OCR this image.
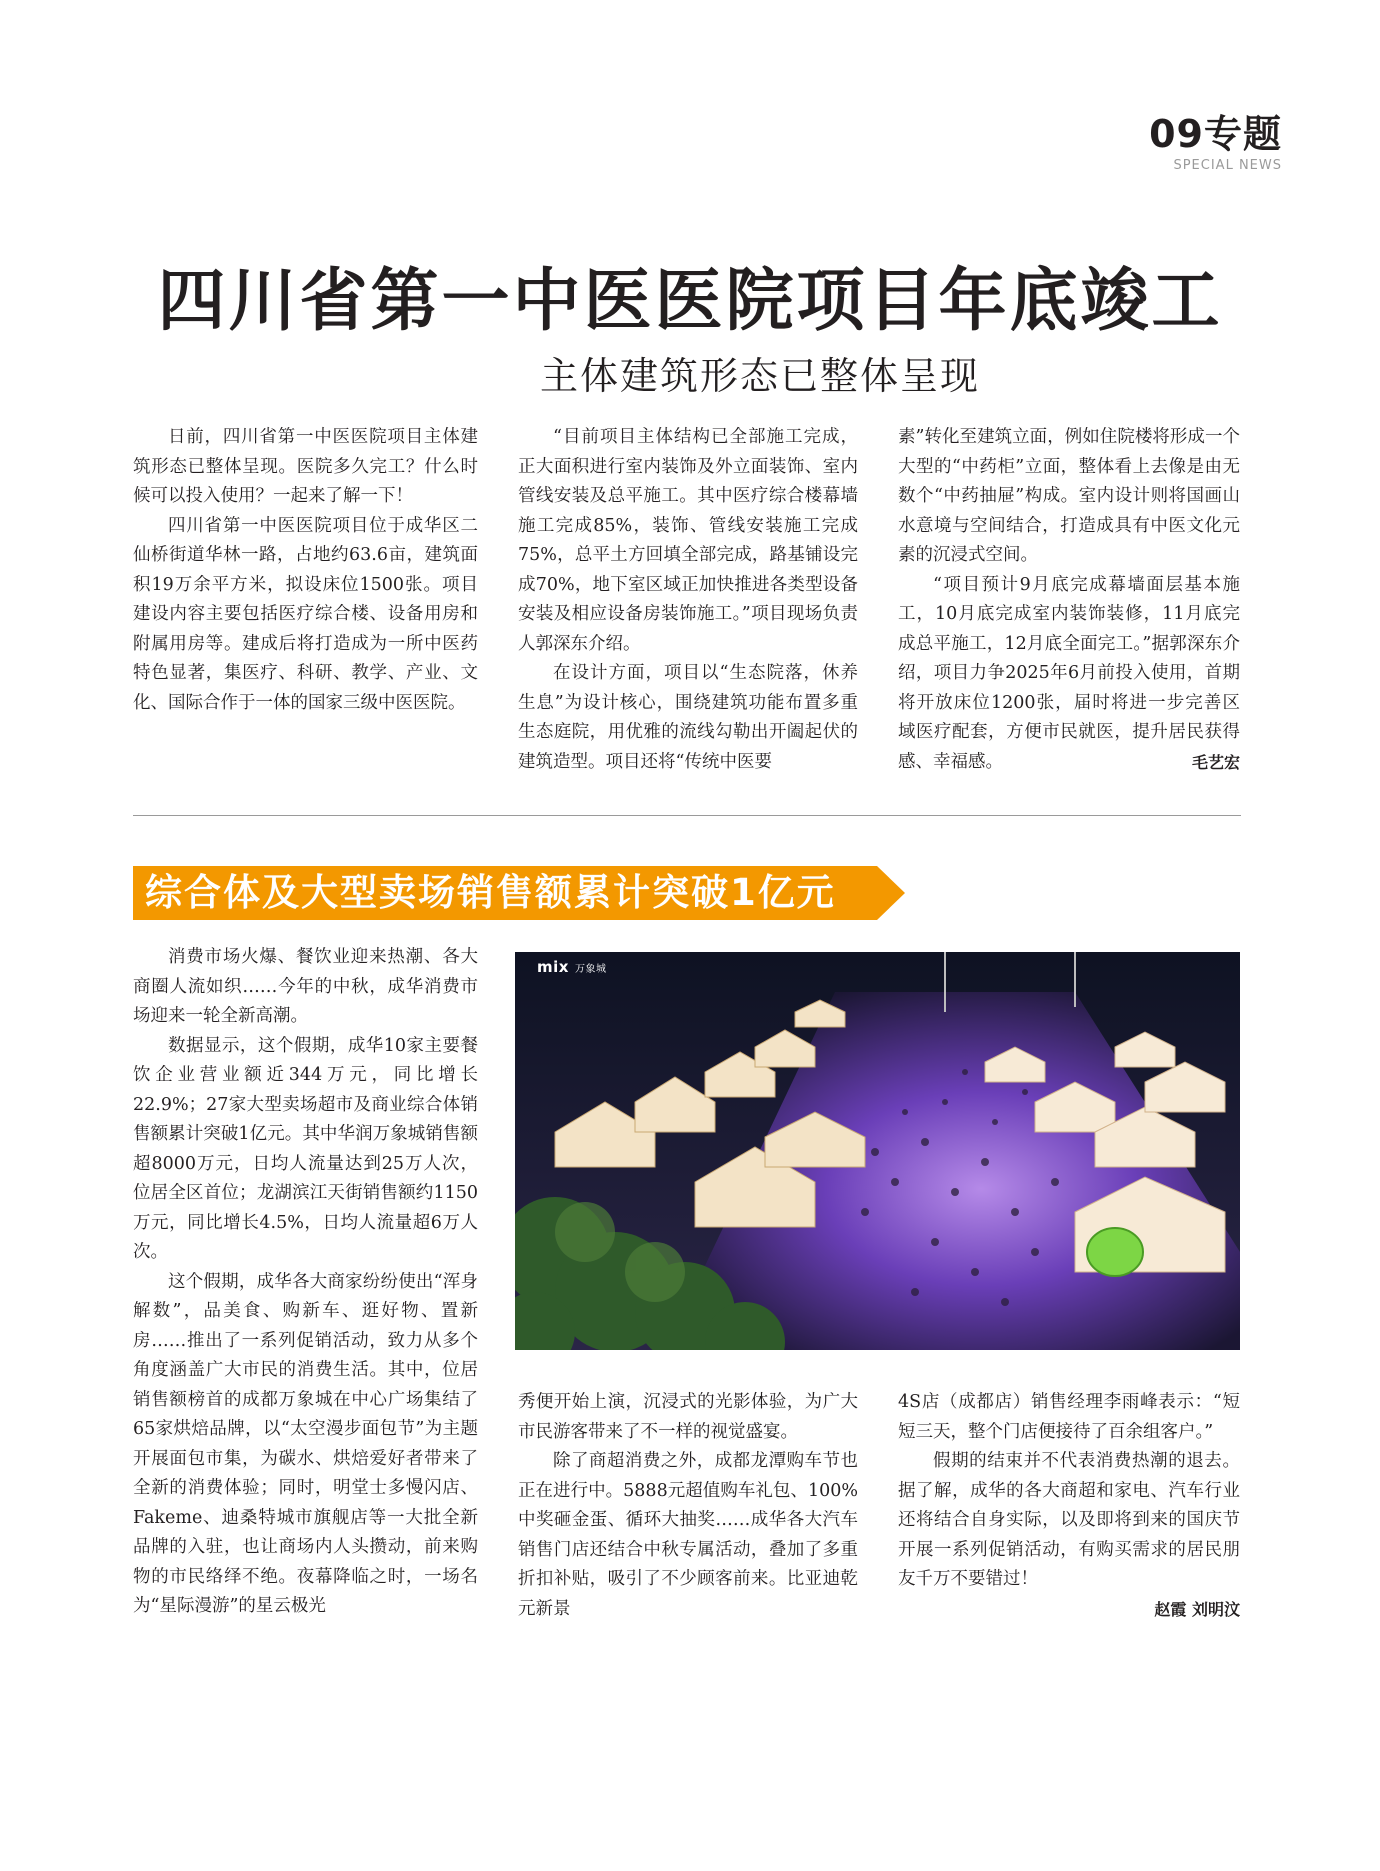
09专题
SPECIAL NEWS
四川省第一中医医院项目年底竣工
主体建筑形态已整体呈现

日前，四川省第一中医医院项目主体建筑形态已整体呈现。医院多久完工？什么时候可以投入使用？一起来了解一下！

四川省第一中医医院项目位于成华区二仙桥街道华林一路，占地约63.6亩，建筑面积19万余平方米，拟设床位1500张。项目建设内容主要包括医疗综合楼、设备用房和附属用房等。建成后将打造成为一所中医药特色显著，集医疗、科研、教学、产业、文化、国际合作于一体的国家三级中医医院。

“目前项目主体结构已全部施工完成，正大面积进行室内装饰及外立面装饰、室内管线安装及总平施工。其中医疗综合楼幕墙施工完成85%，装饰、管线安装施工完成75%，总平土方回填全部完成，路基铺设完成70%，地下室区域正加快推进各类型设备安装及相应设备房装饰施工。”项目现场负责人郭深东介绍。

在设计方面，项目以“生态院落，休养生息”为设计核心，围绕建筑功能布置多重生态庭院，用优雅的流线勾勒出开阖起伏的建筑造型。项目还将“传统中医要

素”转化至建筑立面，例如住院楼将形成一个大型的“中药柜”立面，整体看上去像是由无数个“中药抽屉”构成。室内设计则将国画山水意境与空间结合，打造成具有中医文化元素的沉浸式空间。

“项目预计9月底完成幕墙面层基本施工，10月底完成室内装饰装修，11月底完成总平施工，12月底全面完工。”据郭深东介绍，项目力争2025年6月前投入使用，首期将开放床位1200张，届时将进一步完善区域医疗配套，方便市民就医，提升居民获得感、幸福感。	毛艺宏

综合体及大型卖场销售额累计突破1亿元

消费市场火爆、餐饮业迎来热潮、各大商圈人流如织……今年的中秋，成华消费市场迎来一轮全新高潮。

数据显示，这个假期，成华10家主要餐饮企业营业额近344万元，同比增长22.9%；27家大型卖场超市及商业综合体销售额累计突破1亿元。其中华润万象城销售额超8000万元，日均人流量达到25万人次，位居全区首位；龙湖滨江天街销售额约1150万元，同比增长4.5%，日均人流量超6万人次。

这个假期，成华各大商家纷纷使出“浑身解数”，品美食、购新车、逛好物、置新房……推出了一系列促销活动，致力从多个角度涵盖广大市民的消费生活。其中，位居销售额榜首的成都万象城在中心广场集结了65家烘焙品牌，以“太空漫步面包节”为主题开展面包市集，为碳水、烘焙爱好者带来了全新的消费体验；同时，明堂士多慢闪店、Fakeme、迪桑特城市旗舰店等一大批全新品牌的入驻，也让商场内人头攒动，前来购物的市民络绎不绝。夜幕降临之时，一场名为“星际漫游”的星云极光

mix 万象城

秀便开始上演，沉浸式的光影体验，为广大市民游客带来了不一样的视觉盛宴。

除了商超消费之外，成都龙潭购车节也正在进行中。5888元超值购车礼包、100%中奖砸金蛋、循环大抽奖……成华各大汽车销售门店还结合中秋专属活动，叠加了多重折扣补贴，吸引了不少顾客前来。比亚迪乾元新景

4S店（成都店）销售经理李雨峰表示：“短短三天，整个门店便接待了百余组客户。”

假期的结束并不代表消费热潮的退去。据了解，成华的各大商超和家电、汽车行业还将结合自身实际，以及即将到来的国庆节开展一系列促销活动，有购买需求的居民朋友千万不要错过！

赵霞 刘明汶
